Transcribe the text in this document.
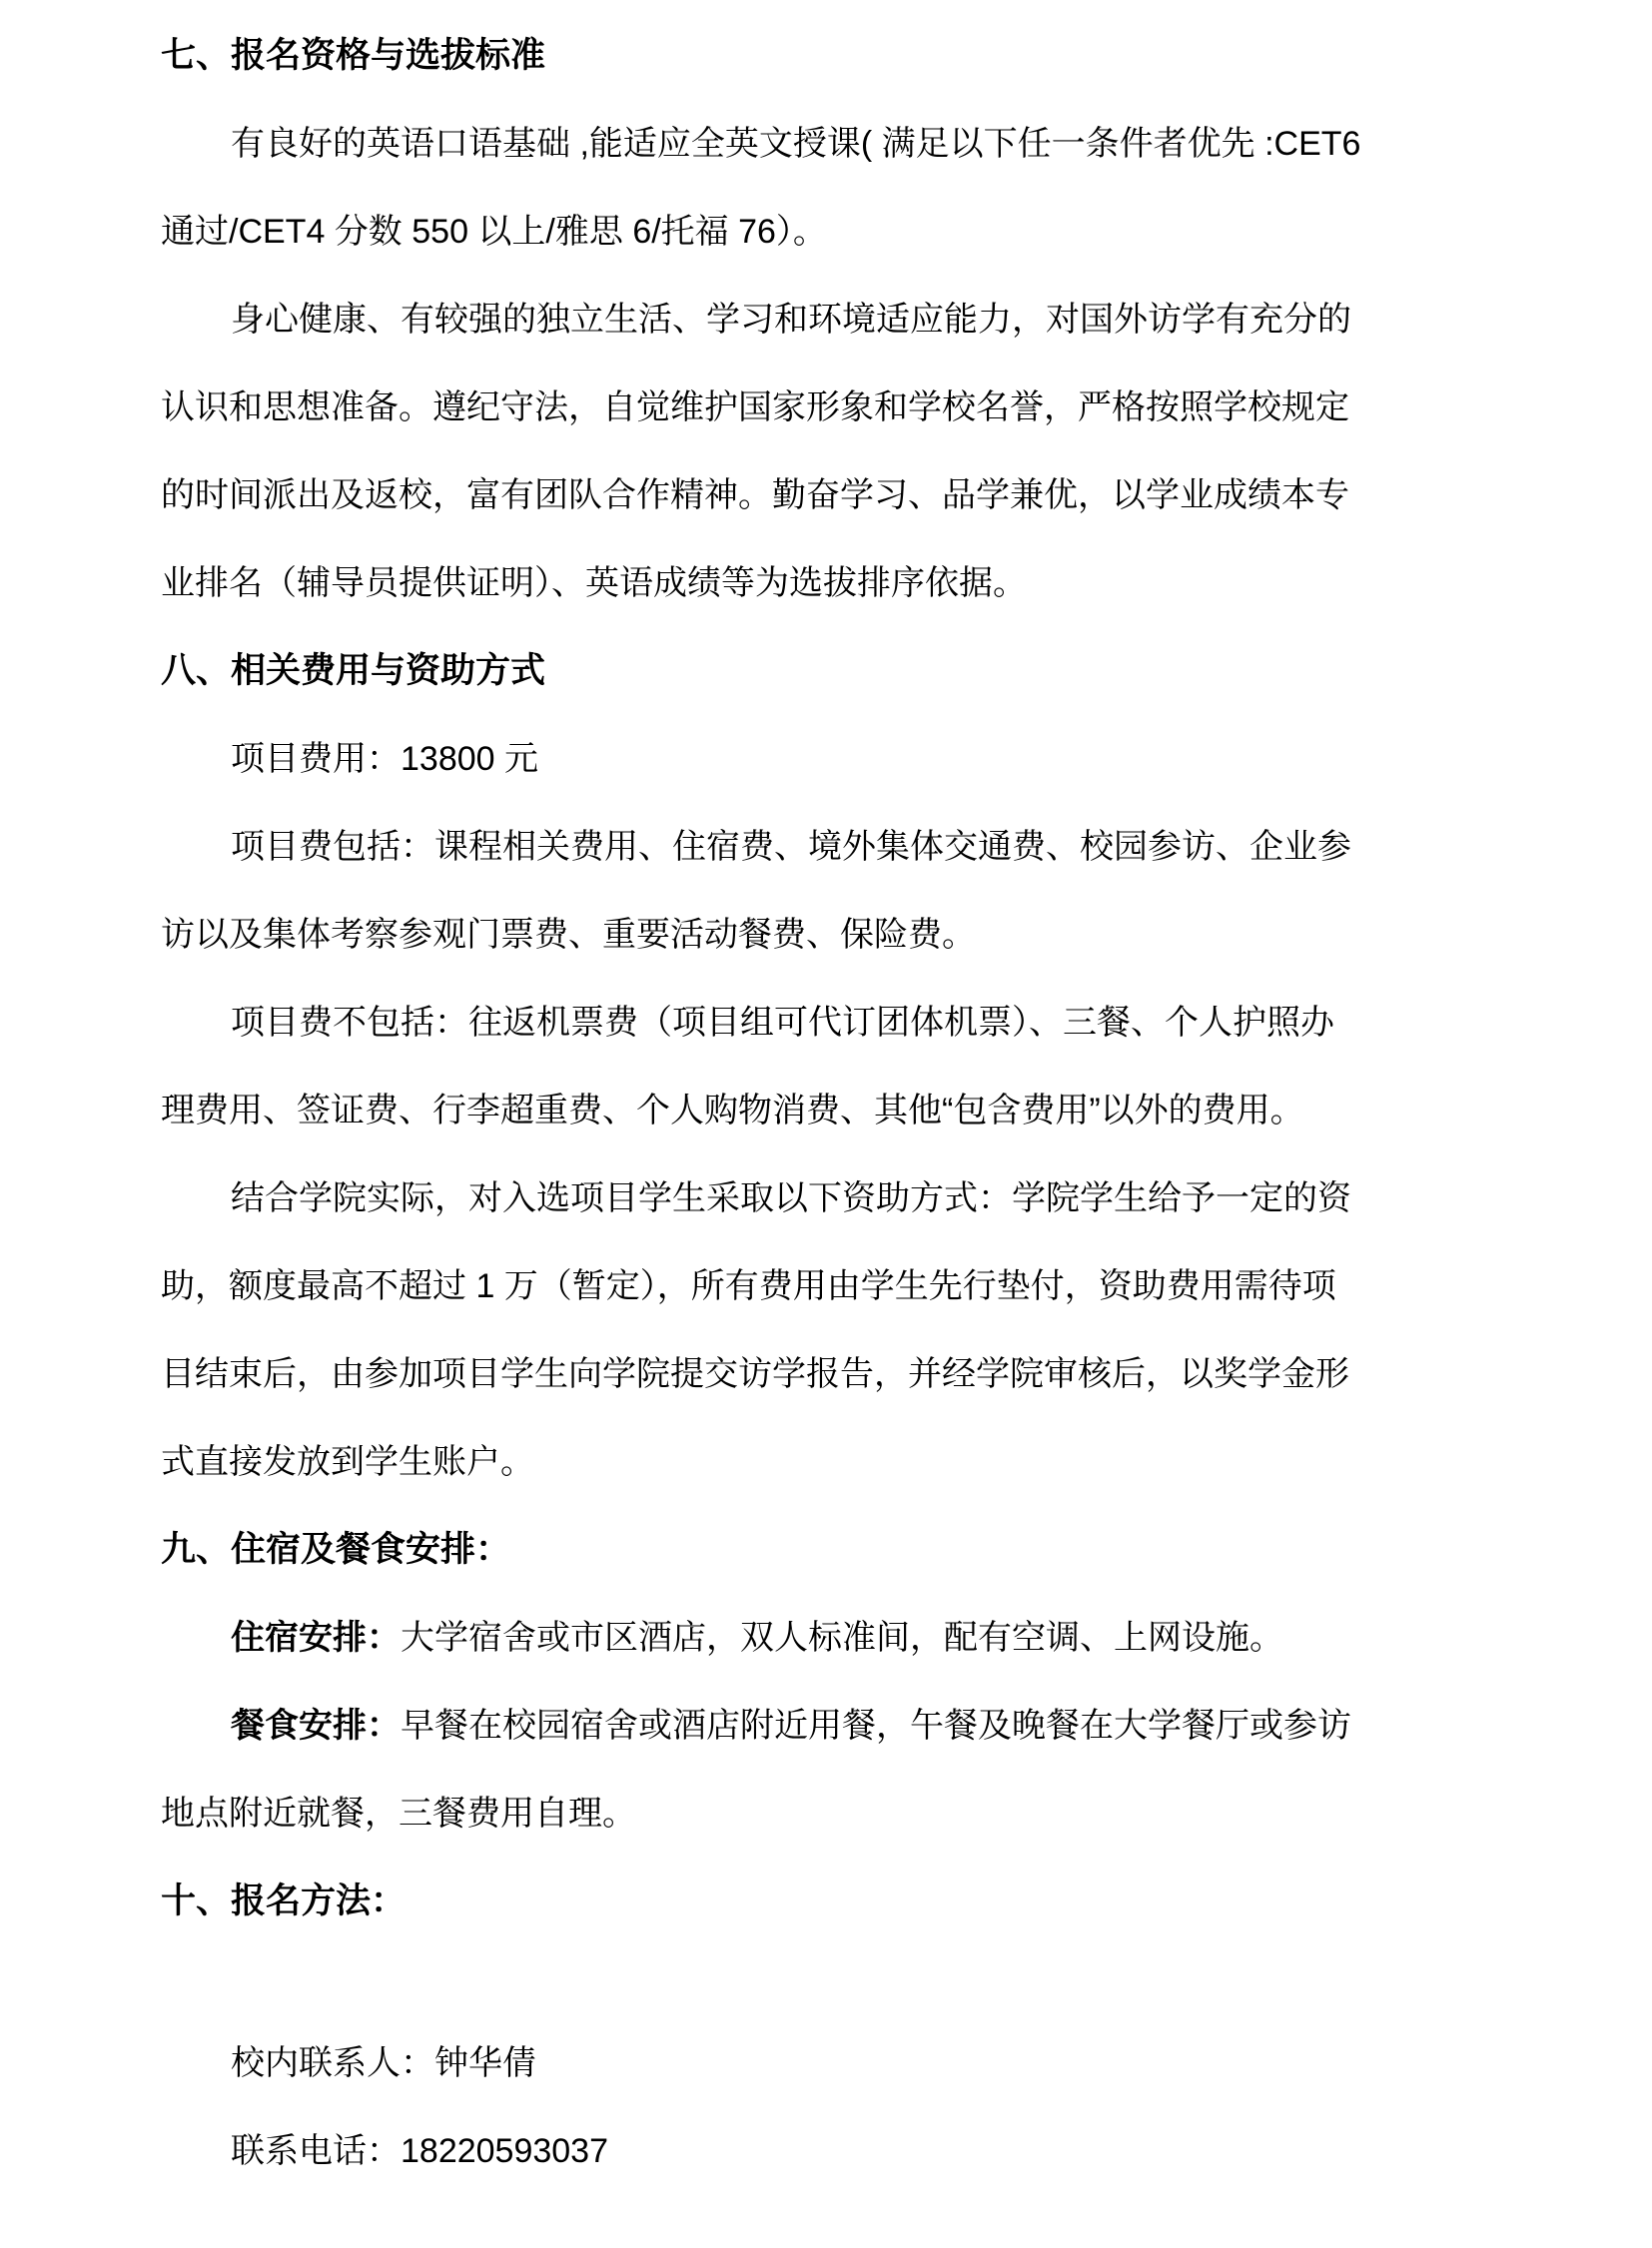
七、报名资格与选拔标准
有良好的英语口语基础 ,能适应全英文授课( 满足以下任一条件者优先 :CET6
通过/CET4 分数 550 以上/雅思 6/托福 76）。
身心健康、有较强的独立生活、学习和环境适应能力，对国外访学有充分的
认识和思想准备。遵纪守法，自觉维护国家形象和学校名誉，严格按照学校规定
的时间派出及返校，富有团队合作精神。勤奋学习、品学兼优，以学业成绩本专
业排名（辅导员提供证明）、英语成绩等为选拔排序依据。
八、相关费用与资助方式
项目费用：13800 元
项目费包括：课程相关费用、住宿费、境外集体交通费、校园参访、企业参
访以及集体考察参观门票费、重要活动餐费、保险费。
项目费不包括：往返机票费（项目组可代订团体机票）、三餐、个人护照办
理费用、签证费、行李超重费、个人购物消费、其他“包含费用”以外的费用。
结合学院实际，对入选项目学生采取以下资助方式：学院学生给予一定的资
助，额度最高不超过 1 万（暂定），所有费用由学生先行垫付，资助费用需待项
目结束后，由参加项目学生向学院提交访学报告，并经学院审核后，以奖学金形
式直接发放到学生账户。
九、住宿及餐食安排：
住宿安排：大学宿舍或市区酒店，双人标准间，配有空调、上网设施。
餐食安排：早餐在校园宿舍或酒店附近用餐，午餐及晚餐在大学餐厅或参访
地点附近就餐，三餐费用自理。
十、报名方法：
校内联系人：钟华倩
联系电话：18220593037
